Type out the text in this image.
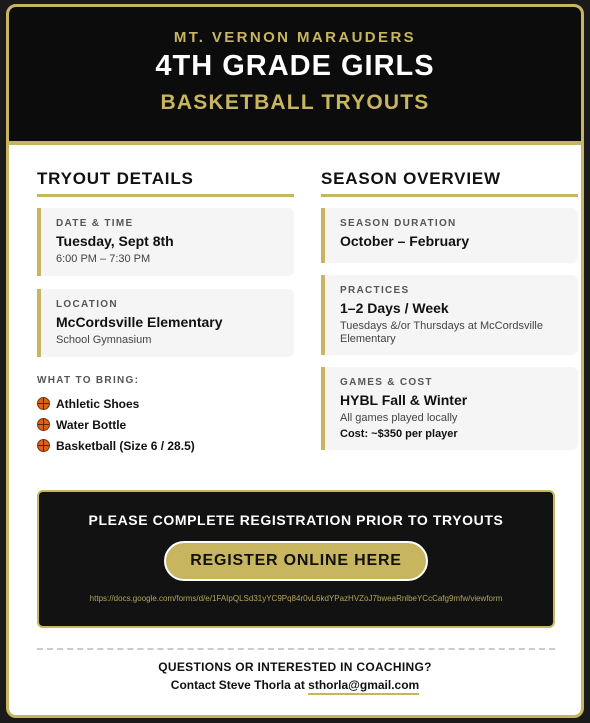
MT. VERNON MARAUDERS
4TH GRADE GIRLS
BASKETBALL TRYOUTS
TRYOUT DETAILS
DATE & TIME
Tuesday, Sept 8th
6:00 PM – 7:30 PM
LOCATION
McCordsville Elementary
School Gymnasium
WHAT TO BRING:
Athletic Shoes
Water Bottle
Basketball (Size 6 / 28.5)
SEASON OVERVIEW
SEASON DURATION
October – February
PRACTICES
1–2 Days / Week
Tuesdays &/or Thursdays at McCordsville Elementary
GAMES & COST
HYBL Fall & Winter
All games played locally
Cost: ~$350 per player
PLEASE COMPLETE REGISTRATION PRIOR TO TRYOUTS
REGISTER ONLINE HERE
https://docs.google.com/forms/d/e/1FAIpQLSd31yYC9Pq84r0vL6kdYPazHVZoJ7bweaRnlbeYCcCafg9mfw/viewform
QUESTIONS OR INTERESTED IN COACHING?
Contact Steve Thorla at sthorla@gmail.com
